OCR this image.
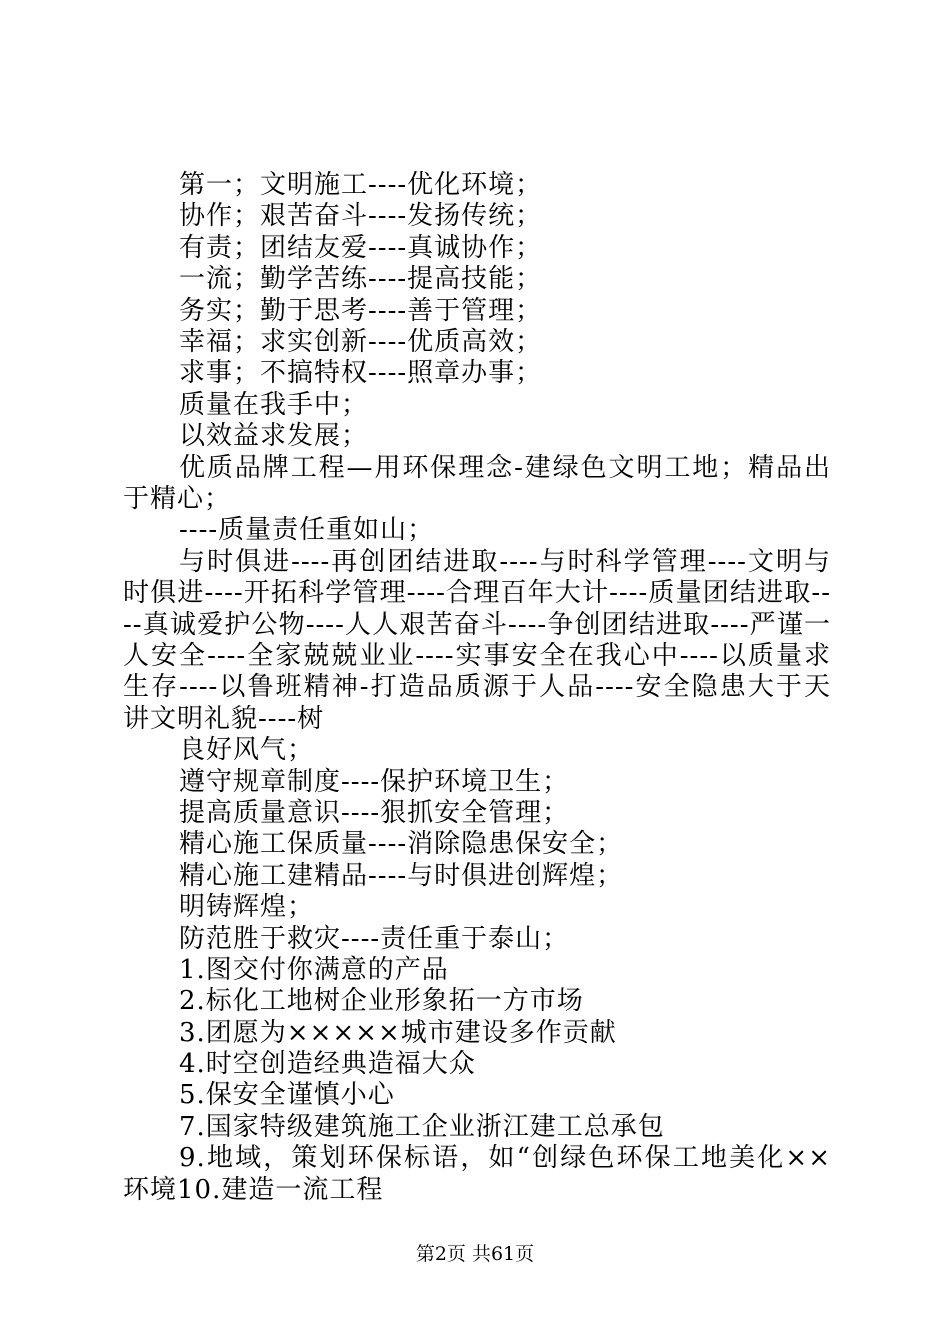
第一；文明施工----优化环境；
协作；艰苦奋斗----发扬传统；
有责；团结友爱----真诚协作；
一流；勤学苦练----提高技能；
务实；勤于思考----善于管理；
幸福；求实创新----优质高效；
求事；不搞特权----照章办事；
质量在我手中；
以效益求发展；
优质品牌工程—用环保理念-建绿色文明工地；精品出于精心；
----质量责任重如山；
与时俱进----再创团结进取----与时科学管理----文明与时俱进----开拓科学管理----合理百年大计----质量团结进取----真诚爱护公物----人人艰苦奋斗----争创团结进取----严谨一人安全----全家兢兢业业----实事安全在我心中----以质量求生存----以鲁班精神-打造品质源于人品----安全隐患大于天讲文明礼貌----树
良好风气；
遵守规章制度----保护环境卫生；
提高质量意识----狠抓安全管理；
精心施工保质量----消除隐患保安全；
精心施工建精品----与时俱进创辉煌；
明铸辉煌；
防范胜于救灾----责任重于泰山；
1.图交付你满意的产品
2.标化工地树企业形象拓一方市场
3.团愿为×××××城市建设多作贡献
4.时空创造经典造福大众
5.保安全谨慎小心
7.国家特级建筑施工企业浙江建工总承包
9.地域，策划环保标语，如“创绿色环保工地美化××环境10.建造一流工程
第2页 共61页
